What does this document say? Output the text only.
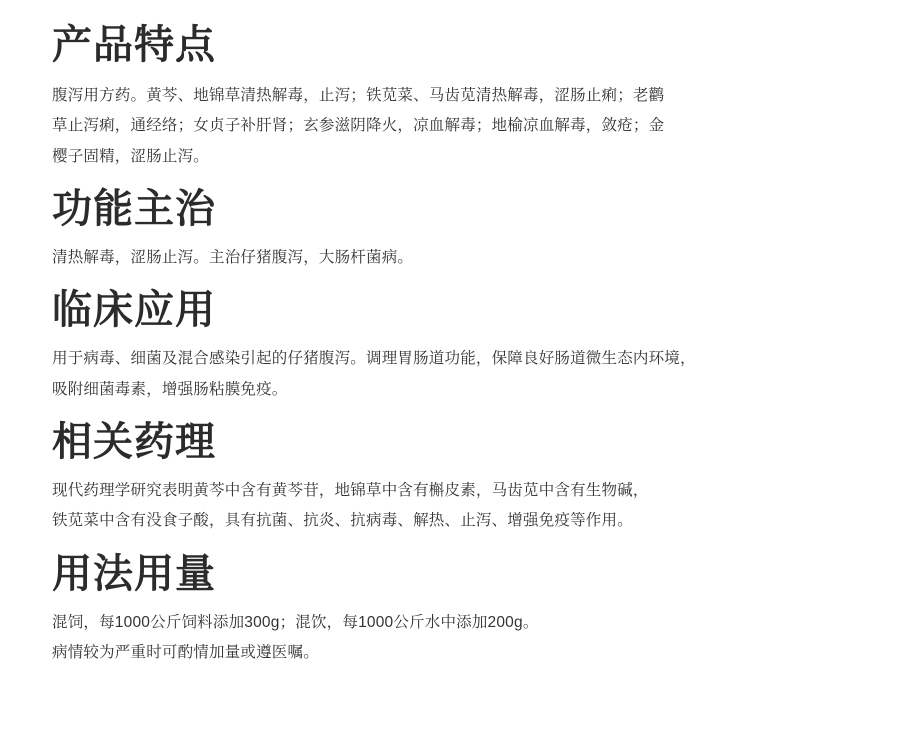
产品特点

腹泻用方药。黄芩、地锦草清热解毒，止泻；铁苋菜、马齿苋清热解毒，涩肠止痢；老鹳

草止泻痢，通经络；女贞子补肝肾；玄参滋阴降火，凉血解毒；地榆凉血解毒，敛疮；金

樱子固精，涩肠止泻。

功能主治

清热解毒，涩肠止泻。主治仔猪腹泻，大肠杆菌病。

临床应用

用于病毒、细菌及混合感染引起的仔猪腹泻。调理胃肠道功能，保障良好肠道微生态内环境，

吸附细菌毒素，增强肠粘膜免疫。

相关药理

现代药理学研究表明黄芩中含有黄芩苷，地锦草中含有槲皮素，马齿苋中含有生物碱，

铁苋菜中含有没食子酸，具有抗菌、抗炎、抗病毒、解热、止泻、增强免疫等作用。

用法用量

混饲，每1000公斤饲料添加300g；混饮，每1000公斤水中添加200g。

病情较为严重时可酌情加量或遵医嘱。
